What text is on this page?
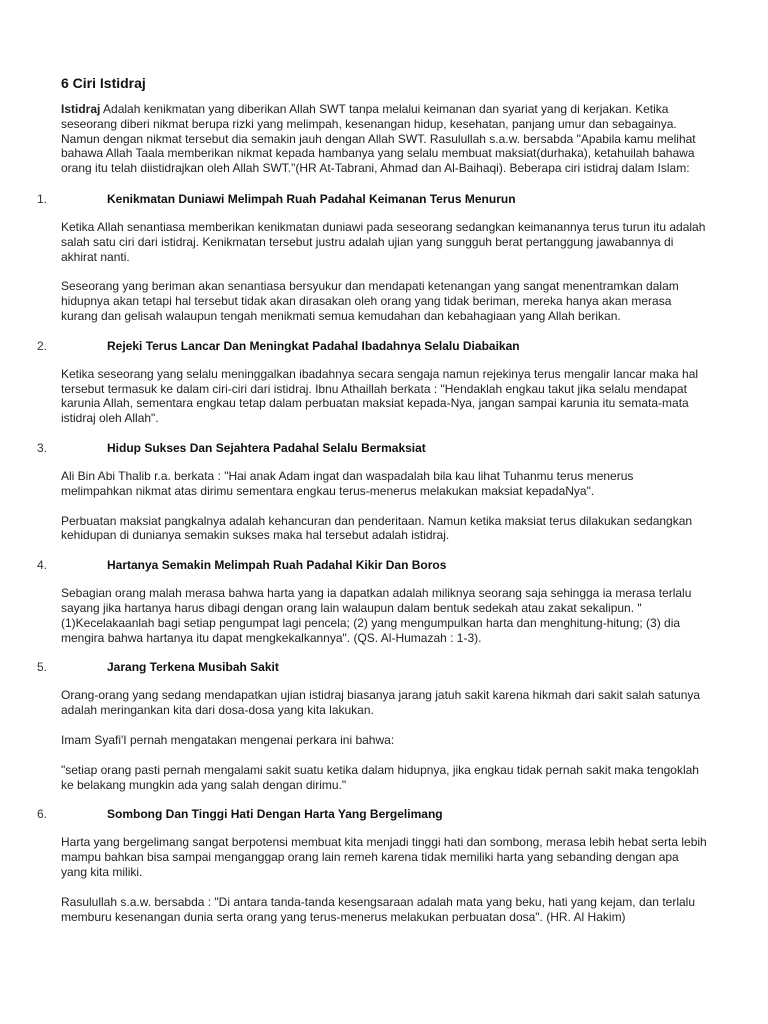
6 Ciri Istidraj

Istidraj Adalah kenikmatan yang diberikan Allah SWT tanpa melalui keimanan dan syariat yang di kerjakan. Ketika seseorang diberi nikmat berupa rizki yang melimpah, kesenangan hidup, kesehatan, panjang umur dan sebagainya. Namun dengan nikmat tersebut dia semakin jauh dengan Allah SWT. Rasulullah s.a.w. bersabda "Apabila kamu melihat bahawa Allah Taala memberikan nikmat kepada hambanya yang selalu membuat maksiat(durhaka), ketahuilah bahawa orang itu telah diistidrajkan oleh Allah SWT."(HR At-Tabrani, Ahmad dan Al-Baihaqi). Beberapa ciri istidraj dalam Islam:

1.	Kenikmatan Duniawi Melimpah Ruah Padahal Keimanan Terus Menurun

Ketika Allah senantiasa memberikan kenikmatan duniawi pada seseorang sedangkan keimanannya terus turun itu adalah salah satu ciri dari istidraj. Kenikmatan tersebut justru adalah ujian yang sungguh berat pertanggung jawabannya di akhirat nanti.

Seseorang yang beriman akan senantiasa bersyukur dan mendapati ketenangan yang sangat menentramkan dalam hidupnya akan tetapi hal tersebut tidak akan dirasakan oleh orang yang tidak beriman, mereka hanya akan merasa kurang dan gelisah walaupun tengah menikmati semua kemudahan dan kebahagiaan yang Allah berikan.

2.	Rejeki Terus Lancar Dan Meningkat Padahal Ibadahnya Selalu Diabaikan

Ketika seseorang yang selalu meninggalkan ibadahnya secara sengaja namun rejekinya terus mengalir lancar maka hal tersebut termasuk ke dalam ciri-ciri dari istidraj. Ibnu Athaillah berkata : "Hendaklah engkau takut jika selalu mendapat karunia Allah, sementara engkau tetap dalam perbuatan maksiat kepada-Nya, jangan sampai karunia itu semata-mata istidraj oleh Allah".

3.	Hidup Sukses Dan Sejahtera Padahal Selalu Bermaksiat

Ali Bin Abi Thalib r.a. berkata : "Hai anak Adam ingat dan waspadalah bila kau lihat Tuhanmu terus menerus melimpahkan nikmat atas dirimu sementara engkau terus-menerus melakukan maksiat kepadaNya".

Perbuatan maksiat pangkalnya adalah kehancuran dan penderitaan. Namun ketika maksiat terus dilakukan sedangkan kehidupan di dunianya semakin sukses maka hal tersebut adalah istidraj.

4.	Hartanya Semakin Melimpah Ruah Padahal Kikir Dan Boros

Sebagian orang malah merasa bahwa harta yang ia dapatkan adalah miliknya seorang saja sehingga ia merasa terlalu sayang jika hartanya harus dibagi dengan orang lain walaupun dalam bentuk sedekah atau zakat sekalipun. "(1)Kecelakaanlah bagi setiap pengumpat lagi pencela; (2) yang mengumpulkan harta dan menghitung-hitung; (3) dia mengira bahwa hartanya itu dapat mengkekalkannya". (QS. Al-Humazah : 1-3).

5.	Jarang Terkena Musibah Sakit

Orang-orang yang sedang mendapatkan ujian istidraj biasanya jarang jatuh sakit karena hikmah dari sakit salah satunya adalah meringankan kita dari dosa-dosa yang kita lakukan.

Imam Syafi'I pernah mengatakan mengenai perkara ini bahwa:

"setiap orang pasti pernah mengalami sakit suatu ketika dalam hidupnya, jika engkau tidak pernah sakit maka tengoklah ke belakang mungkin ada yang salah dengan dirimu."

6.	Sombong Dan Tinggi Hati Dengan Harta Yang Bergelimang

Harta yang bergelimang sangat berpotensi membuat kita menjadi tinggi hati dan sombong, merasa lebih hebat serta lebih mampu bahkan bisa sampai menganggap orang lain remeh karena tidak memiliki harta yang sebanding dengan apa yang kita miliki.

Rasulullah s.a.w. bersabda : "Di antara tanda-tanda kesengsaraan adalah mata yang beku, hati yang kejam, dan terlalu memburu kesenangan dunia serta orang yang terus-menerus melakukan perbuatan dosa". (HR. Al Hakim)
